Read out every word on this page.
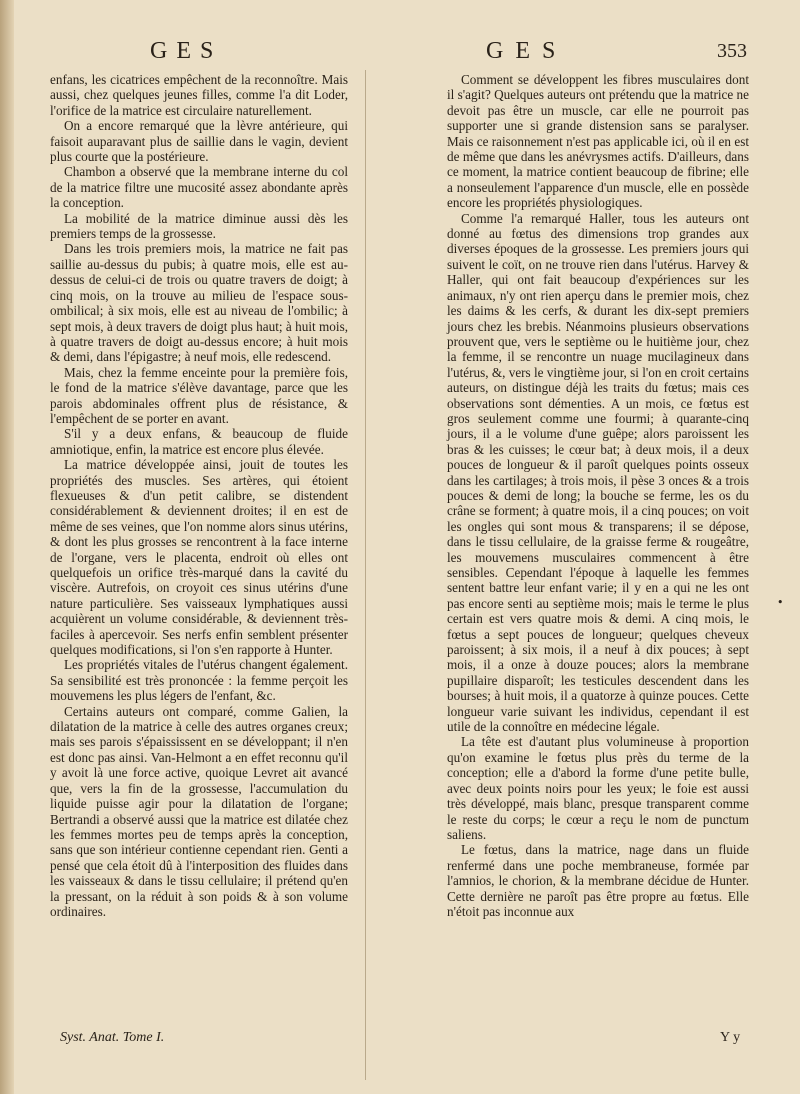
GES	GES	353

enfans, les cicatrices empêchent de la reconnoître. Mais aussi, chez quelques jeunes filles, comme l'a dit Loder, l'orifice de la matrice est circulaire naturellement.

On a encore remarqué que la lèvre antérieure, qui faisoit auparavant plus de saillie dans le vagin, devient plus courte que la postérieure.

Chambon a observé que la membrane interne du col de la matrice filtre une mucosité assez abondante après la conception.

La mobilité de la matrice diminue aussi dès les premiers temps de la grossesse.

Dans les trois premiers mois, la matrice ne fait pas saillie au-dessus du pubis; à quatre mois, elle est au-dessus de celui-ci de trois ou quatre travers de doigt; à cinq mois, on la trouve au milieu de l'espace sous-ombilical; à six mois, elle est au niveau de l'ombilic; à sept mois, à deux travers de doigt plus haut; à huit mois, à quatre travers de doigt au-dessus encore; à huit mois & demi, dans l'épigastre; à neuf mois, elle redescend.

Mais, chez la femme enceinte pour la première fois, le fond de la matrice s'élève davantage, parce que les parois abdominales offrent plus de résistance, & l'empêchent de se porter en avant.

S'il y a deux enfans, & beaucoup de fluide amniotique, enfin, la matrice est encore plus élevée.

La matrice développée ainsi, jouit de toutes les propriétés des muscles. Ses artères, qui étoient flexueuses & d'un petit calibre, se distendent considérablement & deviennent droites; il en est de même de ses veines, que l'on nomme alors sinus utérins, & dont les plus grosses se rencontrent à la face interne de l'organe, vers le placenta, endroit où elles ont quelquefois un orifice très-marqué dans la cavité du viscère. Autrefois, on croyoit ces sinus utérins d'une nature particulière. Ses vaisseaux lymphatiques aussi acquièrent un volume considérable, & deviennent très-faciles à apercevoir. Ses nerfs enfin semblent présenter quelques modifications, si l'on s'en rapporte à Hunter.

Les propriétés vitales de l'utérus changent également. Sa sensibilité est très prononcée : la femme perçoit les mouvemens les plus légers de l'enfant, &c.

Certains auteurs ont comparé, comme Galien, la dilatation de la matrice à celle des autres organes creux; mais ses parois s'épaississent en se développant; il n'en est donc pas ainsi. Van-Helmont a en effet reconnu qu'il y avoit là une force active, quoique Levret ait avancé que, vers la fin de la grossesse, l'accumulation du liquide puisse agir pour la dilatation de l'organe; Bertrandi a observé aussi que la matrice est dilatée chez les femmes mortes peu de temps après la conception, sans que son intérieur contienne cependant rien. Genti a pensé que cela étoit dû à l'interposition des fluides dans les vaisseaux & dans le tissu cellulaire; il prétend qu'en la pressant, on la réduit à son poids & à son volume ordinaires.

Comment se développent les fibres musculaires dont il s'agit? Quelques auteurs ont prétendu que la matrice ne devoit pas être un muscle, car elle ne pourroit pas supporter une si grande distension sans se paralyser. Mais ce raisonnement n'est pas applicable ici, où il en est de même que dans les anévrysmes actifs. D'ailleurs, dans ce moment, la matrice contient beaucoup de fibrine; elle a nonseulement l'apparence d'un muscle, elle en possède encore les propriétés physiologiques.

Comme l'a remarqué Haller, tous les auteurs ont donné au fœtus des dimensions trop grandes aux diverses époques de la grossesse. Les premiers jours qui suivent le coït, on ne trouve rien dans l'utérus. Harvey & Haller, qui ont fait beaucoup d'expériences sur les animaux, n'y ont rien aperçu dans le premier mois, chez les daims & les cerfs, & durant les dix-sept premiers jours chez les brebis. Néanmoins plusieurs observations prouvent que, vers le septième ou le huitième jour, chez la femme, il se rencontre un nuage mucilagineux dans l'utérus, &, vers le vingtième jour, si l'on en croit certains auteurs, on distingue déjà les traits du fœtus; mais ces observations sont démenties. A un mois, ce fœtus est gros seulement comme une fourmi; à quarante-cinq jours, il a le volume d'une guêpe; alors paroissent les bras & les cuisses; le cœur bat; à deux mois, il a deux pouces de longueur & il paroît quelques points osseux dans les cartilages; à trois mois, il pèse 3 onces & a trois pouces & demi de long; la bouche se ferme, les os du crâne se forment; à quatre mois, il a cinq pouces; on voit les ongles qui sont mous & transparens; il se dépose, dans le tissu cellulaire, de la graisse ferme & rougeâtre, les mouvemens musculaires commencent à être sensibles. Cependant l'époque à laquelle les femmes sentent battre leur enfant varie; il y en a qui ne les ont pas encore senti au septième mois; mais le terme le plus certain est vers quatre mois & demi. A cinq mois, le fœtus a sept pouces de longueur; quelques cheveux paroissent; à six mois, il a neuf à dix pouces; à sept mois, il a onze à douze pouces; alors la membrane pupillaire disparoît; les testicules descendent dans les bourses; à huit mois, il a quatorze à quinze pouces. Cette longueur varie suivant les individus, cependant il est utile de la connoître en médecine légale.

La tête est d'autant plus volumineuse à proportion qu'on examine le fœtus plus près du terme de la conception; elle a d'abord la forme d'une petite bulle, avec deux points noirs pour les yeux; le foie est aussi très développé, mais blanc, presque transparent comme le reste du corps; le cœur a reçu le nom de punctum saliens.

Le fœtus, dans la matrice, nage dans un fluide renfermé dans une poche membraneuse, formée par l'amnios, le chorion, & la membrane décidue de Hunter. Cette dernière ne paroît pas être propre au fœtus. Elle n'étoit pas inconnue aux

Syst. Anat. Tome I.	Y y
•
